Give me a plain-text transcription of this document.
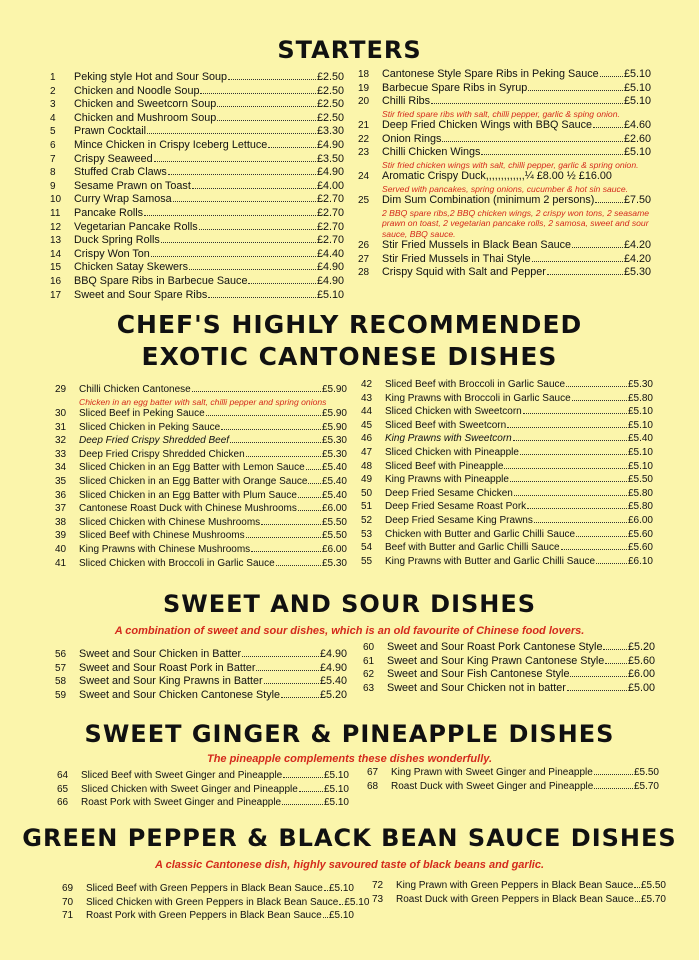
STARTERS
1	Peking style Hot and Sour Soup	£2.50
2	Chicken and Noodle Soup	£2.50
3	Chicken and Sweetcorn Soup	£2.50
4	Chicken and Mushroom Soup	£2.50
5	Prawn Cocktail	£3.30
6	Mince Chicken in Crispy Iceberg Lettuce	£4.90
7	Crispy Seaweed	£3.50
8	Stuffed Crab Claws	£4.90
9	Sesame Prawn on Toast	£4.00
10	Curry Wrap Samosa	£2.70
11	Pancake Rolls	£2.70
12	Vegetarian Pancake Rolls	£2.70
13	Duck Spring Rolls	£2.70
14	Crispy Won Ton	£4.40
15	Chicken Satay Skewers	£4.90
16	BBQ Spare Ribs in Barbecue Sauce	£4.90
17	Sweet and Sour Spare Ribs	£5.10
18	Cantonese Style Spare Ribs in Peking Sauce £5.10
19	Barbecue Spare Ribs in Syrup	£5.10
20	Chilli Ribs	£5.10
Stir fried spare ribs with salt, chilli pepper, garlic & sping onion.
21	Deep Fried Chicken Wings with BBQ Sauce	£4.60
22	Onion Rings	£2.60
23	Chilli Chicken Wings	£5.10
Stir fried chicken wings with salt, chilli pepper, garlic & spring onion.
24	Aromatic Crispy Duck,,,,,,,,,,,,,¼ £8.00 ½ £16.00
Served with pancakes, spring onions, cucumber & hot sin sauce.
25	Dim Sum Combination (minimum 2 persons)	£7.50
2 BBQ spare ribs,2 BBQ chicken wings, 2 crispy won tons, 2 seasame prawn on toast, 2 vegetarian pancake rolls, 2 samosa, sweet and sour sauce, BBQ sauce.
26	Stir Fried Mussels in Black Bean Sauce	£4.20
27	Stir Fried Mussels in Thai Style	£4.20
28	Crispy Squid with Salt and Pepper	£5.30
CHEF'S HIGHLY RECOMMENDED
EXOTIC CANTONESE DISHES
29	Chilli Chicken Cantonese	£5.90
Chicken in an egg batter with salt, chilli pepper and spring onions
30	Sliced Beef in Peking Sauce	£5.90
31	Sliced Chicken in Peking Sauce	£5.90
32	Deep Fried Crispy Shredded Beef	£5.30
33	Deep Fried Crispy Shredded Chicken	£5.30
34	Sliced Chicken in an Egg Batter with Lemon Sauce £5.40
35	Sliced Chicken in an Egg Batter with Orange Sauce £5.40
36	Sliced Chicken in an Egg Batter with Plum Sauce	£5.40
37	Cantonese Roast Duck with Chinese Mushrooms	£6.00
38	Sliced Chicken with Chinese Mushrooms	£5.50
39	Sliced Beef with Chinese Mushrooms	£5.50
40	King Prawns with Chinese Mushrooms	£6.00
41	Sliced Chicken with Broccoli in Garlic Sauce	£5.30
42	Sliced Beef with Broccoli in Garlic Sauce	£5.30
43	King Prawns with Broccoli in Garlic Sauce	£5.80
44	Sliced Chicken with Sweetcorn	£5.10
45	Sliced Beef with Sweetcorn	£5.10
46	King Prawns with Sweetcorn	£5.40
47	Sliced Chicken with Pineapple	£5.10
48	Sliced Beef with Pineapple	£5.10
49	King Prawns with Pineapple	£5.50
50	Deep Fried Sesame Chicken	£5.80
51	Deep Fried Sesame Roast Pork	£5.80
52	Deep Fried Sesame King Prawns	£6.00
53	Chicken with Butter and Garlic Chilli Sauce	£5.60
54	Beef with Butter and Garlic Chilli Sauce	£5.60
55	King Prawns with Butter and Garlic Chilli Sauce	£6.10
SWEET AND SOUR DISHES
A combination of sweet and sour dishes, which is an old favourite of Chinese food lovers.
56	Sweet and Sour Chicken in Batter	£4.90
57	Sweet and Sour Roast Pork in Batter	£4.90
58	Sweet and Sour King Prawns in Batter	£5.40
59	Sweet and Sour Chicken Cantonese Style	£5.20
60	Sweet and Sour Roast Pork Cantonese Style £5.20
61	Sweet and Sour King Prawn Cantonese Style £5.60
62	Sweet and Sour Fish Cantonese Style	£6.00
63	Sweet and Sour Chicken not in batter	£5.00
SWEET GINGER & PINEAPPLE DISHES
The pineapple complements these dishes wonderfully.
64	Sliced Beef with Sweet Ginger and Pineapple	£5.10
65	Sliced Chicken with Sweet Ginger and Pineapple	£5.10
66	Roast Pork with Sweet Ginger and Pineapple	£5.10
67	King Prawn with Sweet Ginger and Pineapple	£5.50
68	Roast Duck with Sweet Ginger and Pineapple	£5.70
GREEN PEPPER & BLACK BEAN SAUCE DISHES
A classic Cantonese dish, highly savoured taste of black beans and garlic.
69	Sliced Beef with Green Peppers in Black Bean Sauce £5.10
70	Sliced Chicken with Green Peppers in Black Bean Sauce £5.10
71	Roast Pork with Green Peppers in Black Bean Sauce £5.10
72	King Prawn with Green Peppers in Black Bean Sauce £5.50
73	Roast Duck with Green Peppers in Black Bean Sauce £5.70
